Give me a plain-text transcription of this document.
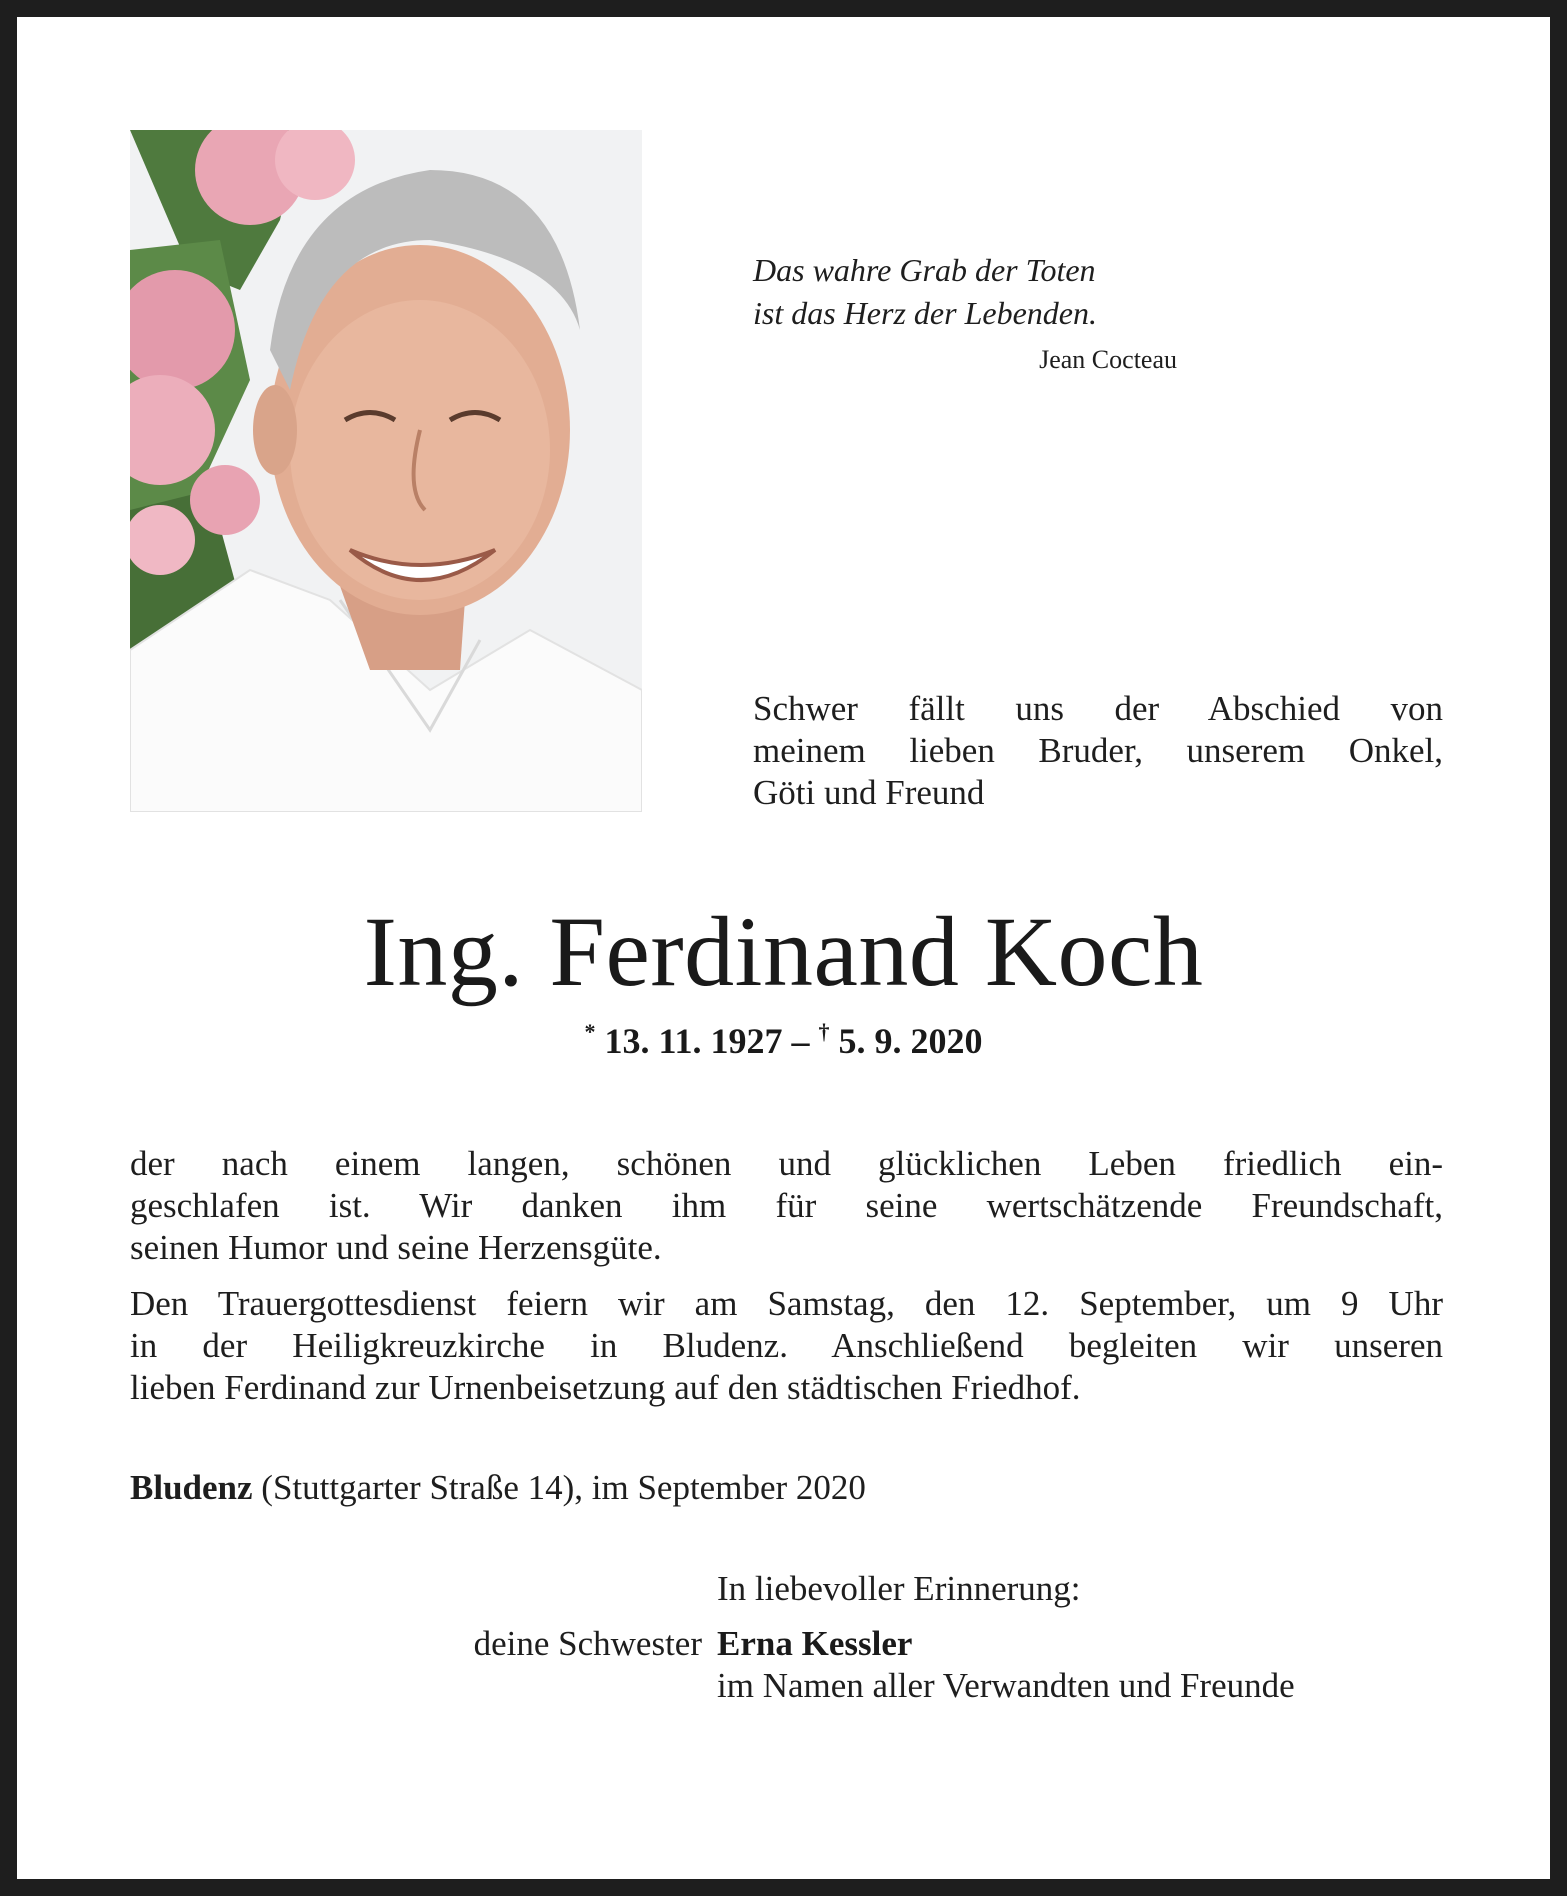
Das wahre Grab der Toten
ist das Herz der Lebenden.
Jean Cocteau
Schwer fällt uns der Abschied von
meinem lieben Bruder, unserem Onkel,
Göti und Freund
Ing. Ferdinand Koch
* 13. 11. 1927 – † 5. 9. 2020
der nach einem langen, schönen und glücklichen Leben friedlich ein-
geschlafen ist. Wir danken ihm für seine wertschätzende Freundschaft,
seinen Humor und seine Herzensgüte.
Den Trauergottesdienst feiern wir am Samstag, den 12. September, um 9 Uhr
in der Heiligkreuzkirche in Bludenz. Anschließend begleiten wir unseren
lieben Ferdinand zur Urnenbeisetzung auf den städtischen Friedhof.
Bludenz (Stuttgarter Straße 14), im September 2020
In liebevoller Erinnerung:
deine Schwester Erna Kessler
im Namen aller Verwandten und Freunde
